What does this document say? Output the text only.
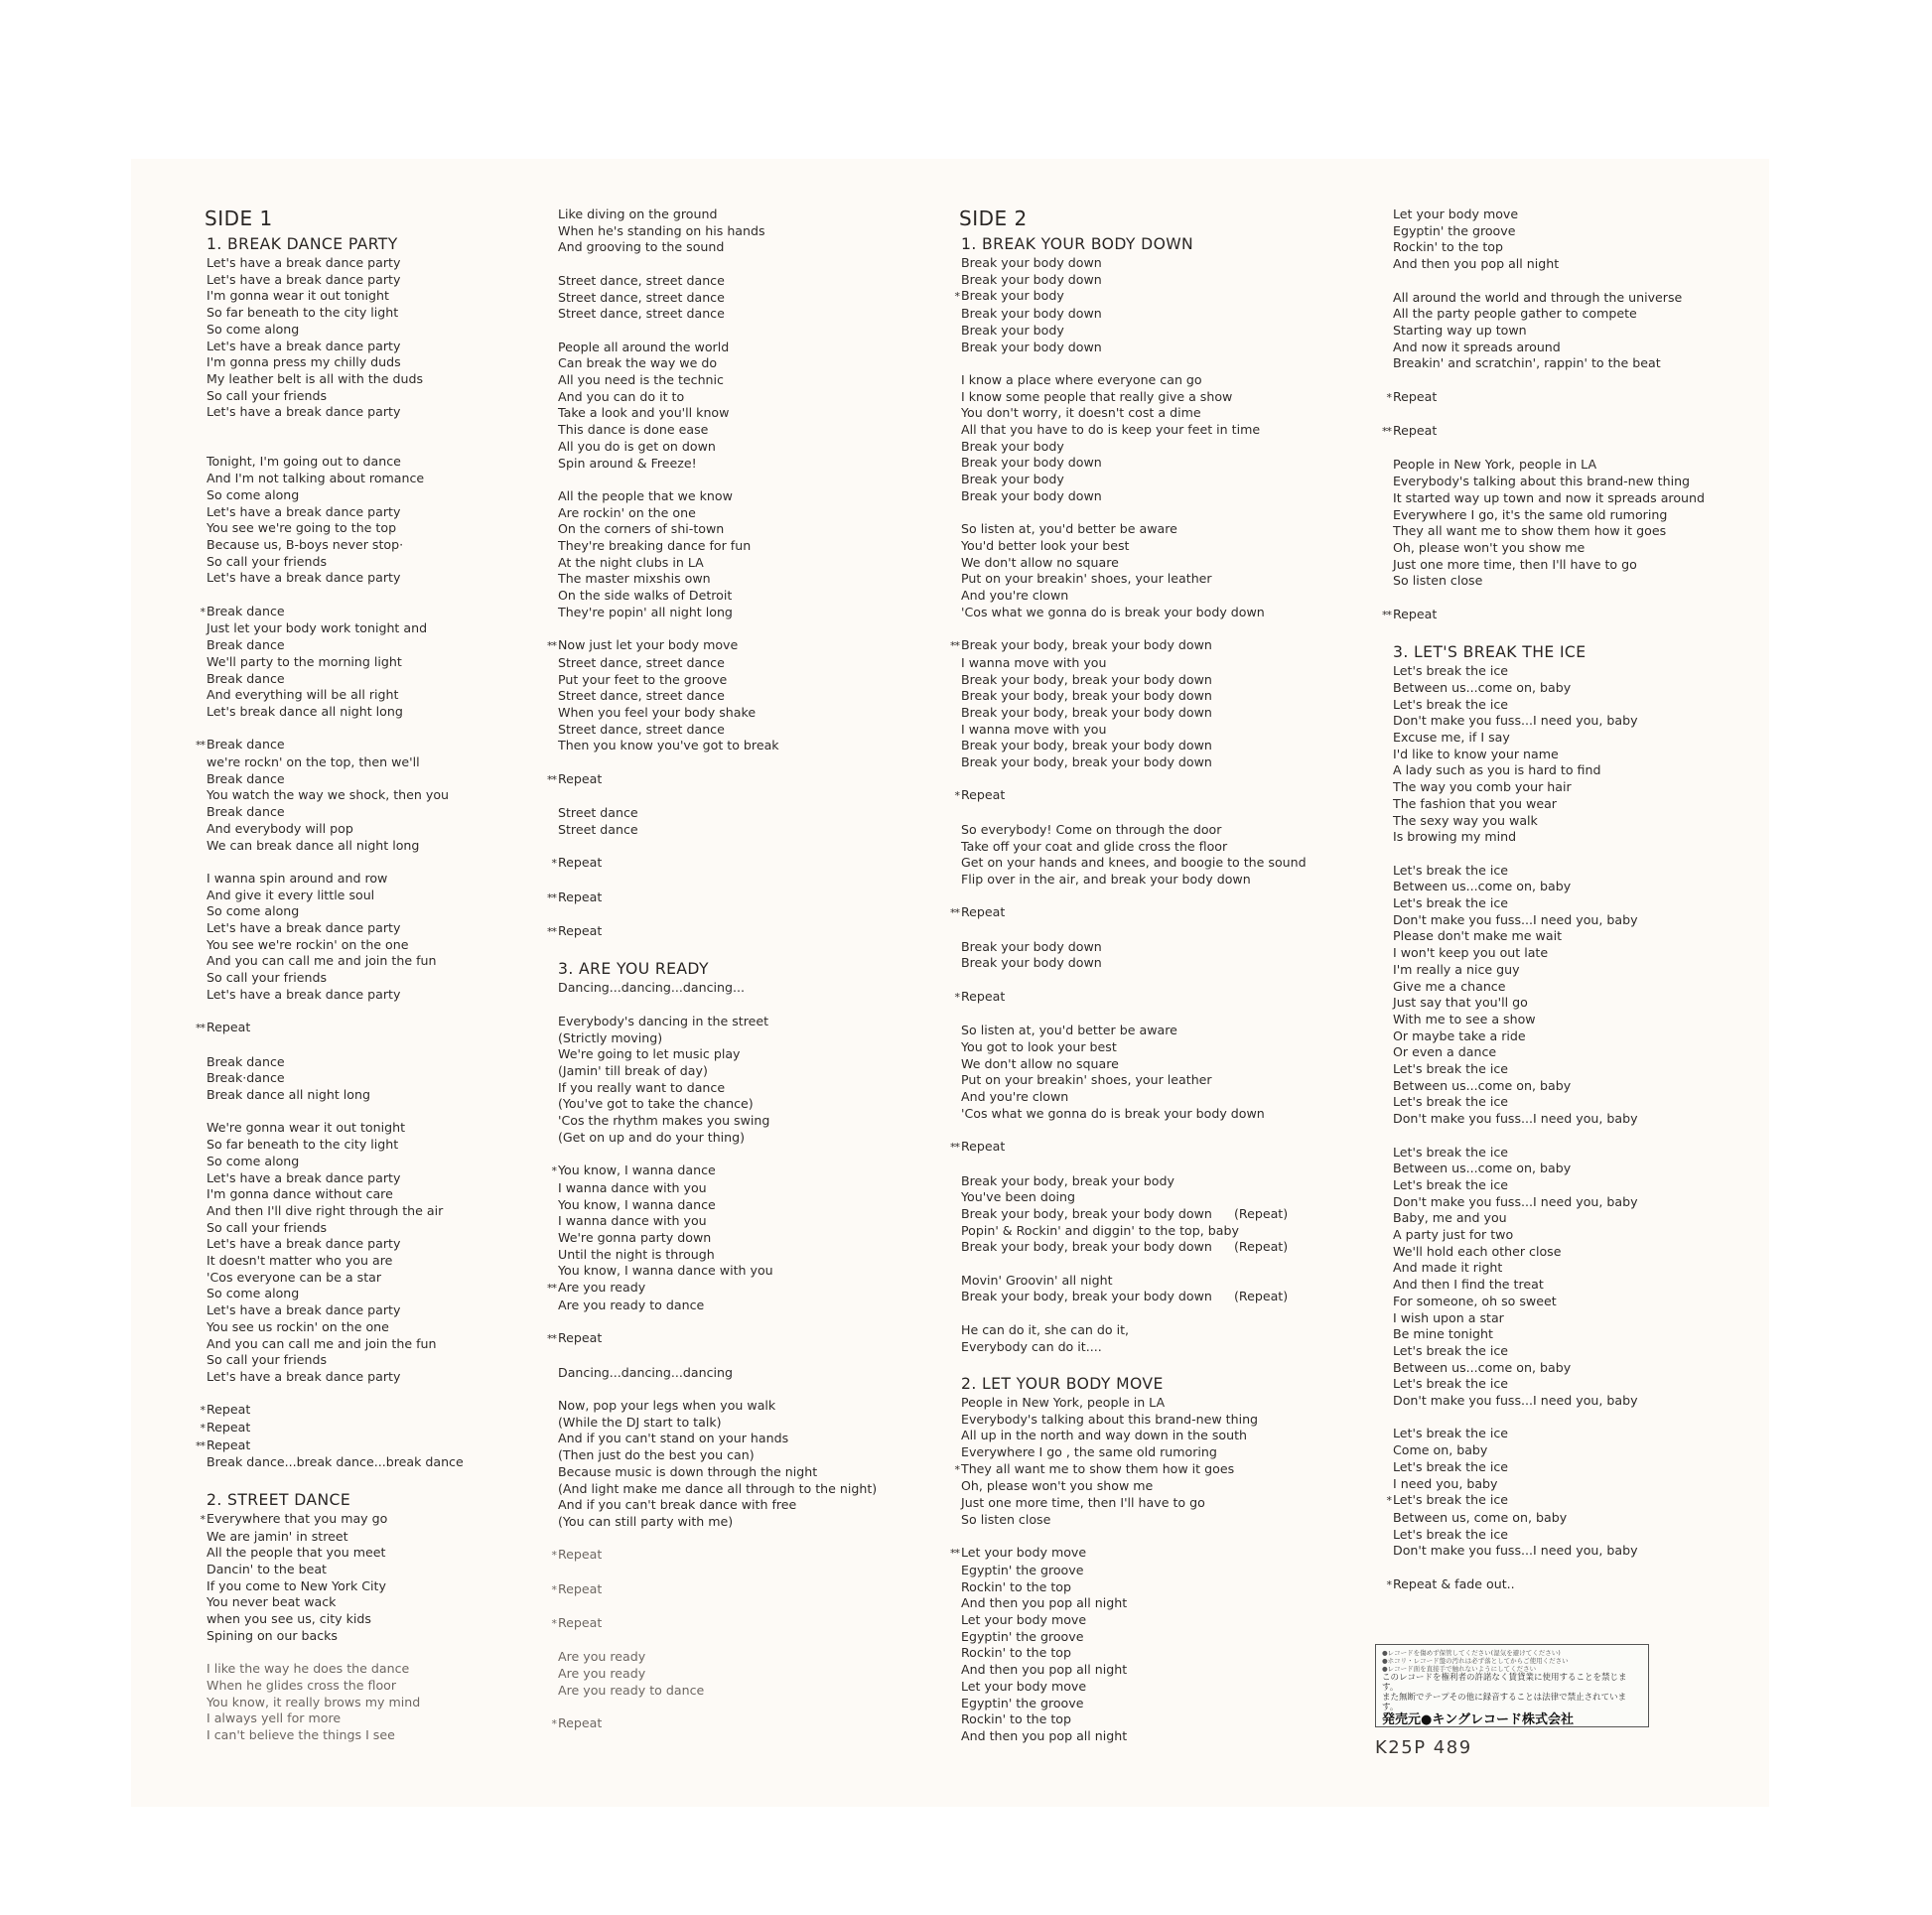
SIDE 1
1. BREAK DANCE PARTY
Let's have a break dance party
Let's have a break dance party
I'm gonna wear it out tonight
So far beneath to the city light
So come along
Let's have a break dance party
I'm gonna press my chilly duds
My leather belt is all with the duds
So call your friends
Let's have a break dance party
Tonight, I'm going out to dance
And I'm not talking about romance
So come along
Let's have a break dance party
You see we're going to the top
Because us, B-boys never stop·
So call your friends
Let's have a break dance party
* Break dance
Just let your body work tonight and
Break dance
We'll party to the morning light
Break dance
And everything will be all right
Let's break dance all night long
** Break dance
we're rockn' on the top, then we'll
Break dance
You watch the way we shock, then you
Break dance
And everybody will pop
We can break dance all night long
I wanna spin around and row
And give it every little soul
So come along
Let's have a break dance party
You see we're rockin' on the one
And you can call me and join the fun
So call your friends
Let's have a break dance party
** Repeat
Break dance
Break·dance
Break dance all night long
We're gonna wear it out tonight
So far beneath to the city light
So come along
Let's have a break dance party
I'm gonna dance without care
And then I'll dive right through the air
So call your friends
Let's have a break dance party
It doesn't matter who you are
'Cos everyone can be a star
So come along
Let's have a break dance party
You see us rockin' on the one
And you can call me and join the fun
So call your friends
Let's have a break dance party
* Repeat
* Repeat
** Repeat
Break dance...break dance...break dance
2. STREET DANCE
* Everywhere that you may go
We are jamin' in street
All the people that you meet
Dancin' to the beat
If you come to New York City
You never beat wack
when you see us, city kids
Spining on our backs
I like the way he does the dance
When he glides cross the floor
You know, it really brows my mind
I always yell for more
I can't believe the things I see
Like diving on the ground
When he's standing on his hands
And grooving to the sound
Street dance, street dance
Street dance, street dance
Street dance, street dance
People all around the world
Can break the way we do
All you need is the technic
And you can do it to
Take a look and you'll know
This dance is done ease
All you do is get on down
Spin around & Freeze!
All the people that we know
Are rockin' on the one
On the corners of shi-town
They're breaking dance for fun
At the night clubs in LA
The master mixshis own
On the side walks of Detroit
They're popin' all night long
** Now just let your body move
Street dance, street dance
Put your feet to the groove
Street dance, street dance
When you feel your body shake
Street dance, street dance
Then you know you've got to break
** Repeat
Street dance
Street dance
* Repeat
** Repeat
** Repeat
3. ARE YOU READY
Dancing...dancing...dancing...
Everybody's dancing in the street
(Strictly moving)
We're going to let music play
(Jamin' till break of day)
If you really want to dance
(You've got to take the chance)
'Cos the rhythm makes you swing
(Get on up and do your thing)
* You know, I wanna dance
I wanna dance with you
You know, I wanna dance
I wanna dance with you
We're gonna party down
Until the night is through
You know, I wanna dance with you
** Are you ready
Are you ready to dance
** Repeat
Dancing...dancing...dancing
Now, pop your legs when you walk
(While the DJ start to talk)
And if you can't stand on your hands
(Then just do the best you can)
Because music is down through the night
(And light make me dance all through to the night)
And if you can't break dance with free
(You can still party with me)
* Repeat
* Repeat
* Repeat
Are you ready
Are you ready
Are you ready to dance
* Repeat
SIDE 2
1. BREAK YOUR BODY DOWN
Break your body down
Break your body down
* Break your body
Break your body down
Break your body
Break your body down
I know a place where everyone can go
I know some people that really give a show
You don't worry, it doesn't cost a dime
All that you have to do is keep your feet in time
Break your body
Break your body down
Break your body
Break your body down
So listen at, you'd better be aware
You'd better look your best
We don't allow no square
Put on your breakin' shoes, your leather
And you're clown
'Cos what we gonna do is break your body down
** Break your body, break your body down
I wanna move with you
Break your body, break your body down
Break your body, break your body down
Break your body, break your body down
I wanna move with you
Break your body, break your body down
Break your body, break your body down
* Repeat
So everybody! Come on through the door
Take off your coat and glide cross the floor
Get on your hands and knees, and boogie to the sound
Flip over in the air, and break your body down
** Repeat
Break your body down
Break your body down
* Repeat
So listen at, you'd better be aware
You got to look your best
We don't allow no square
Put on your breakin' shoes, your leather
And you're clown
'Cos what we gonna do is break your body down
** Repeat
Break your body, break your body
You've been doing
Break your body, break your body down (Repeat)
Popin' & Rockin' and diggin' to the top, baby
Break your body, break your body down (Repeat)
Movin' Groovin' all night
Break your body, break your body down (Repeat)
He can do it, she can do it,
Everybody can do it....
2. LET YOUR BODY MOVE
People in New York, people in LA
Everybody's talking about this brand-new thing
All up in the north and way down in the south
Everywhere I go , the same old rumoring
* They all want me to show them how it goes
Oh, please won't you show me
Just one more time, then I'll have to go
So listen close
** Let your body move
Egyptin' the groove
Rockin' to the top
And then you pop all night
Let your body move
Egyptin' the groove
Rockin' to the top
And then you pop all night
Let your body move
Egyptin' the groove
Rockin' to the top
And then you pop all night
Let your body move
Egyptin' the groove
Rockin' to the top
And then you pop all night
All around the world and through the universe
All the party people gather to compete
Starting way up town
And now it spreads around
Breakin' and scratchin', rappin' to the beat
* Repeat
** Repeat
People in New York, people in LA
Everybody's talking about this brand-new thing
It started way up town and now it spreads around
Everywhere I go, it's the same old rumoring
They all want me to show them how it goes
Oh, please won't you show me
Just one more time, then I'll have to go
So listen close
** Repeat
3. LET'S BREAK THE ICE
Let's break the ice
Between us...come on, baby
Let's break the ice
Don't make you fuss...I need you, baby
Excuse me, if I say
I'd like to know your name
A lady such as you is hard to find
The way you comb your hair
The fashion that you wear
The sexy way you walk
Is browing my mind
Let's break the ice
Between us...come on, baby
Let's break the ice
Don't make you fuss...I need you, baby
Please don't make me wait
I won't keep you out late
I'm really a nice guy
Give me a chance
Just say that you'll go
With me to see a show
Or maybe take a ride
Or even a dance
Let's break the ice
Between us...come on, baby
Let's break the ice
Don't make you fuss...I need you, baby
Let's break the ice
Between us...come on, baby
Let's break the ice
Don't make you fuss...I need you, baby
Baby, me and you
A party just for two
We'll hold each other close
And made it right
And then I find the treat
For someone, oh so sweet
I wish upon a star
Be mine tonight
Let's break the ice
Between us...come on, baby
Let's break the ice
Don't make you fuss...I need you, baby
Let's break the ice
Come on, baby
Let's break the ice
I need you, baby
* Let's break the ice
Between us, come on, baby
Let's break the ice
Don't make you fuss...I need you, baby
* Repeat & fade out..
●レコードを傷めず保管してください(湿気を避けてください)
●ホコリ・レコード盤の汚れは必ず落としてからご使用ください
●レコード面を直接手で触れないようにしてください
このレコードを権利者の許諾なく賃貸業に使用することを禁じます。
また無断でテープその他に録音することは法律で禁止されています。
発売元●キングレコード株式会社
K25P 489
